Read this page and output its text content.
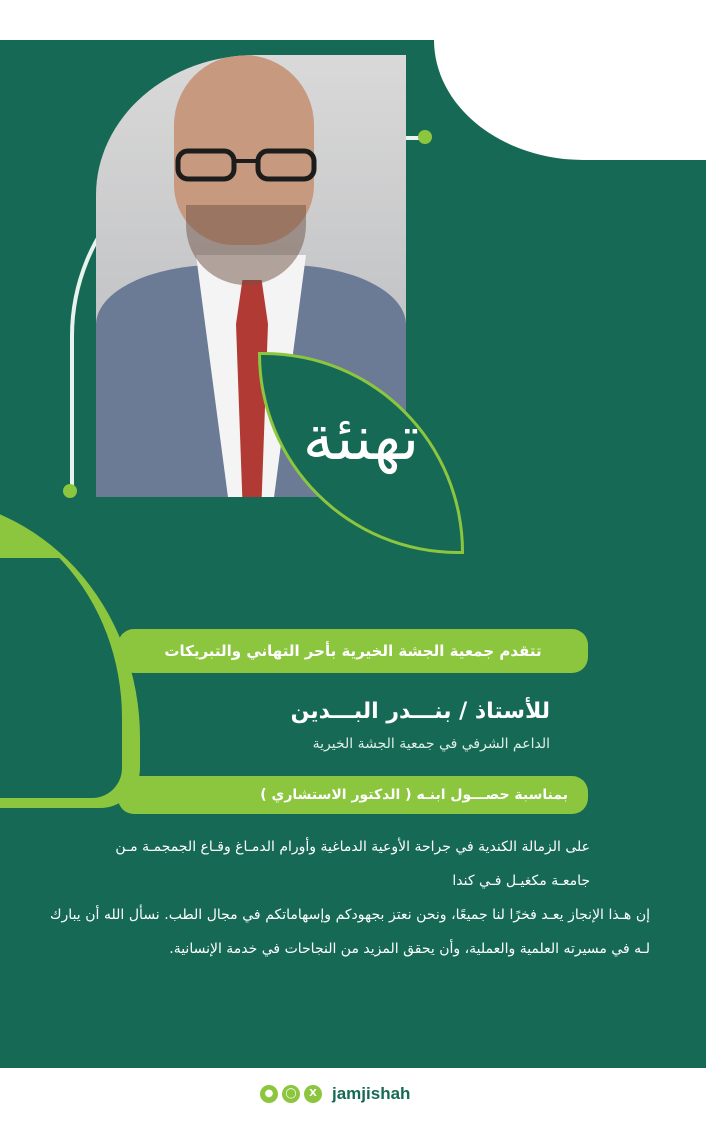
تهنئة
جمعية الجشة الخيرية
Aljishab
Charitable
Association
تتقدم جمعية الجشة الخيرية بأحر التهاني والتبريكات
للأستاذ / بنـــدر البـــدين
الداعم الشرفي في جمعية الجشة الخيرية
بمناسبة حصـــول ابنـه ( الدكتور الاستشاري )
على الزمالة الكندية في جراحة الأوعية الدماغية وأورام الدمـاغ وقـاع الجمجمـة مـن جامعـة مكغيـل فـي كندا
إن هـذا الإنجاز يعـد فخرًا لنا جميعًا، ونحن نعتز بجهودكم وإسهاماتكم في مجال الطب. نسأل الله أن يبارك لـه في مسيرته العلمية والعملية، وأن يحقق المزيد من النجاحات في خدمة الإنسانية.
●	◯	X jamjishah
